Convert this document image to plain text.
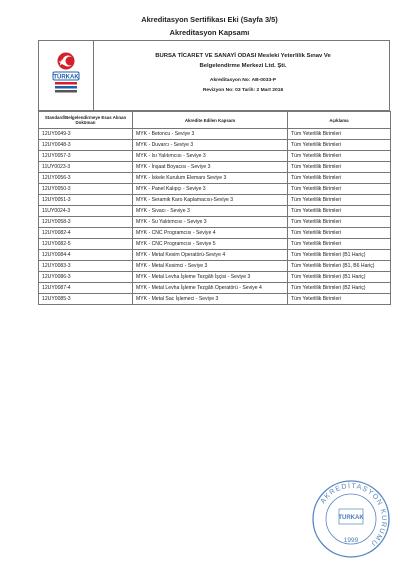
Akreditasyon Sertifikası Eki (Sayfa 3/5)
Akreditasyon Kapsamı
TÜRKAK
BURSA TİCARET VE SANAYİ ODASI Mesleki Yeterlilik Sınav Ve
Belgelendirme Merkezi Ltd. Şti.
Akreditasyon No: AB-0033-P
Revizyon No: 03 Tarih: 2 Mart 2016
Standard/Belgelendirmeye Esas Alınan Doküman	Akredite Edilen Kapsam	Açıklama
12UY0049-3	MYK - Betoncu - Seviye 3	Tüm Yeterlilik Birimleri
12UY0048-3	MYK - Duvarcı - Seviye 3	Tüm Yeterlilik Birimleri
12UY0057-3	MYK - Isı Yalıtımcısı - Seviye 3	Tüm Yeterlilik Birimleri
11UY0023-3	MYK - İnşaat Boyacısı - Seviye 3	Tüm Yeterlilik Birimleri
12UY0056-3	MYK - İskele Kurulum Elemanı Seviye 3	Tüm Yeterlilik Birimleri
12UY0050-3	MYK - Panel Kalıpçı - Seviye 3	Tüm Yeterlilik Birimleri
12UY0051-3	MYK - Seramik Karo Kaplamacısı-Seviye 3	Tüm Yeterlilik Birimleri
11UY0024-3	MYK - Sıvacı - Seviye 3	Tüm Yeterlilik Birimleri
12UY0058-3	MYK - Su Yalıtımcısı - Seviye 3	Tüm Yeterlilik Birimleri
12UY0082-4	MYK - CNC Programcısı - Seviye 4	Tüm Yeterlilik Birimleri
12UY0082-5	MYK - CNC Programcısı - Seviye 5	Tüm Yeterlilik Birimleri
12UY0084-4	MYK - Metal Kesim Operatörü-Seviye 4	Tüm Yeterlilik Birimleri (B1 Hariç)
12UY0083-3	MYK - Metal Kesimci - Seviye 3	Tüm Yeterlilik Birimleri (B1, B6 Hariç)
12UY0086-3	MYK - Metal Levha İşleme Tezgâh İşçisi - Seviye 3	Tüm Yeterlilik Birimleri (B1 Hariç)
12UY0087-4	MYK - Metal Levha İşleme Tezgâh Operatörü - Seviye 4	Tüm Yeterlilik Birimleri (B2 Hariç)
12UY0085-3	MYK - Metal Sac İşlemeci - Seviye 3	Tüm Yeterlilik Birimleri
AKREDİTASYON KURUMU
TÜRKAK
1999
